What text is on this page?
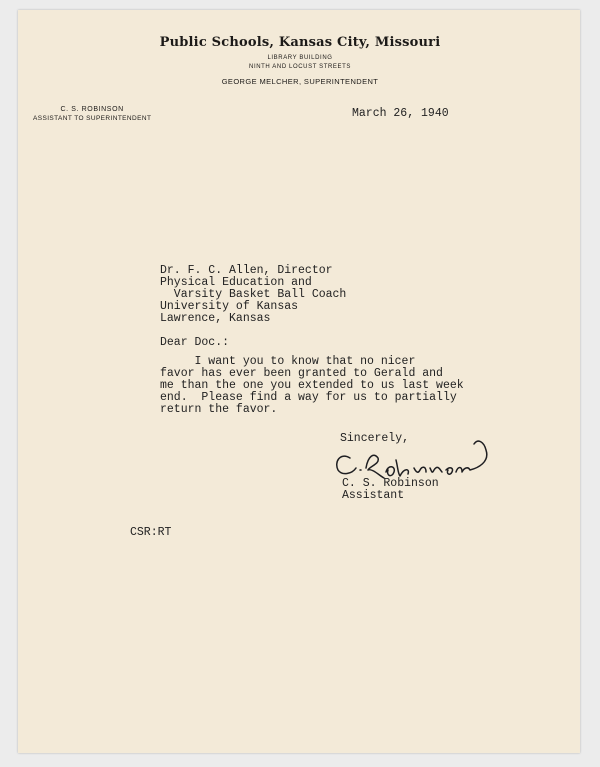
Public Schools, Kansas City, Missouri
LIBRARY BUILDING
NINTH AND LOCUST STREETS
GEORGE MELCHER, SUPERINTENDENT
C. S. ROBINSON
ASSISTANT TO SUPERINTENDENT	March 26, 1940
Dr. F. C. Allen, Director
Physical Education and
Varsity Basket Ball Coach
University of Kansas
Lawrence, Kansas
Dear Doc.:
I want you to know that no nicer
favor has ever been granted to Gerald and
me than the one you extended to us last week
end.  Please find a way for us to partially
return the favor.
Sincerely,
C. S. Robinson
Assistant
CSR:RT
